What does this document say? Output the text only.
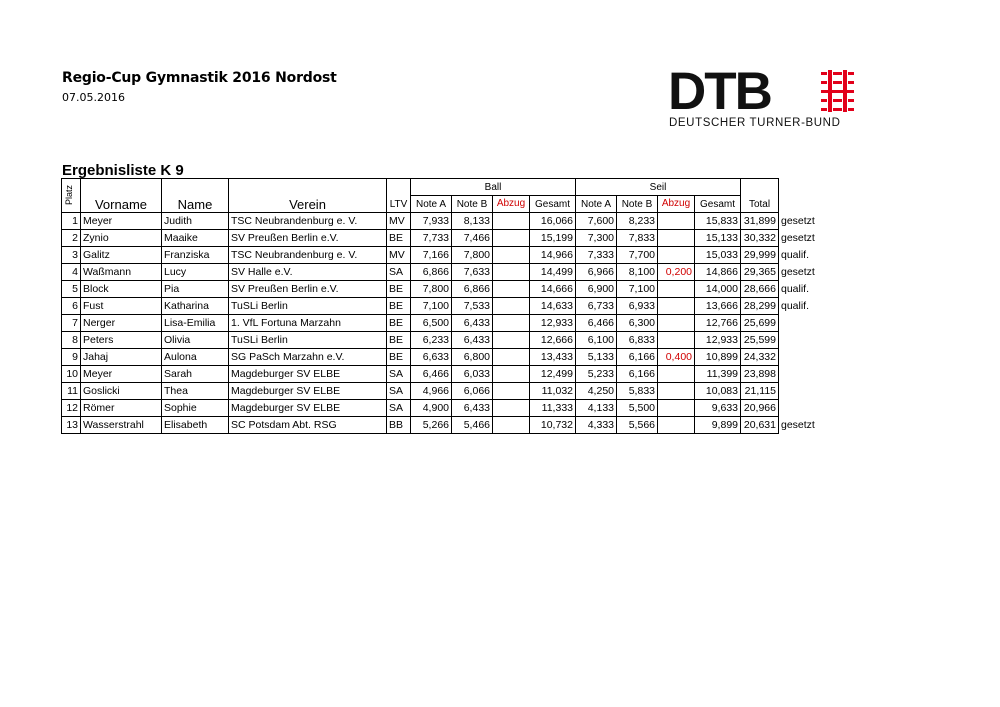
Regio-Cup Gymnastik 2016 Nordost
07.05.2016	DTB
DEUTSCHER TURNER-BUND
Ergebnisliste K 9
Platz	Vorname	Name	Verein	LTV	Ball				Seil				Total	
					Note A	Note B	Abzug	Gesamt	Note A	Note B	Abzug	Gesamt		
1	Meyer	Judith	TSC Neubrandenburg e. V.	MV	7,933	8,133		16,066	7,600	8,233		15,833	31,899	gesetzt
2	Zynio	Maaike	SV Preußen Berlin e.V.	BE	7,733	7,466		15,199	7,300	7,833		15,133	30,332	gesetzt
3	Galitz	Franziska	TSC Neubrandenburg e. V.	MV	7,166	7,800		14,966	7,333	7,700		15,033	29,999	qualif.
4	Waßmann	Lucy	SV Halle e.V.	SA	6,866	7,633		14,499	6,966	8,100	0,200	14,866	29,365	gesetzt
5	Block	Pia	SV Preußen Berlin e.V.	BE	7,800	6,866		14,666	6,900	7,100		14,000	28,666	qualif.
6	Fust	Katharina	TuSLi Berlin	BE	7,100	7,533		14,633	6,733	6,933		13,666	28,299	qualif.
7	Nerger	Lisa-Emilia	1. VfL Fortuna Marzahn	BE	6,500	6,433		12,933	6,466	6,300		12,766	25,699	
8	Peters	Olivia	TuSLi Berlin	BE	6,233	6,433		12,666	6,100	6,833		12,933	25,599	
9	Jahaj	Aulona	SG PaSch Marzahn e.V.	BE	6,633	6,800		13,433	5,133	6,166	0,400	10,899	24,332	
10	Meyer	Sarah	Magdeburger SV ELBE	SA	6,466	6,033		12,499	5,233	6,166		11,399	23,898	
11	Goslicki	Thea	Magdeburger SV ELBE	SA	4,966	6,066		11,032	4,250	5,833		10,083	21,115	
12	Römer	Sophie	Magdeburger SV ELBE	SA	4,900	6,433		11,333	4,133	5,500		9,633	20,966	
13	Wasserstrahl	Elisabeth	SC Potsdam Abt. RSG	BB	5,266	5,466		10,732	4,333	5,566		9,899	20,631	gesetzt
